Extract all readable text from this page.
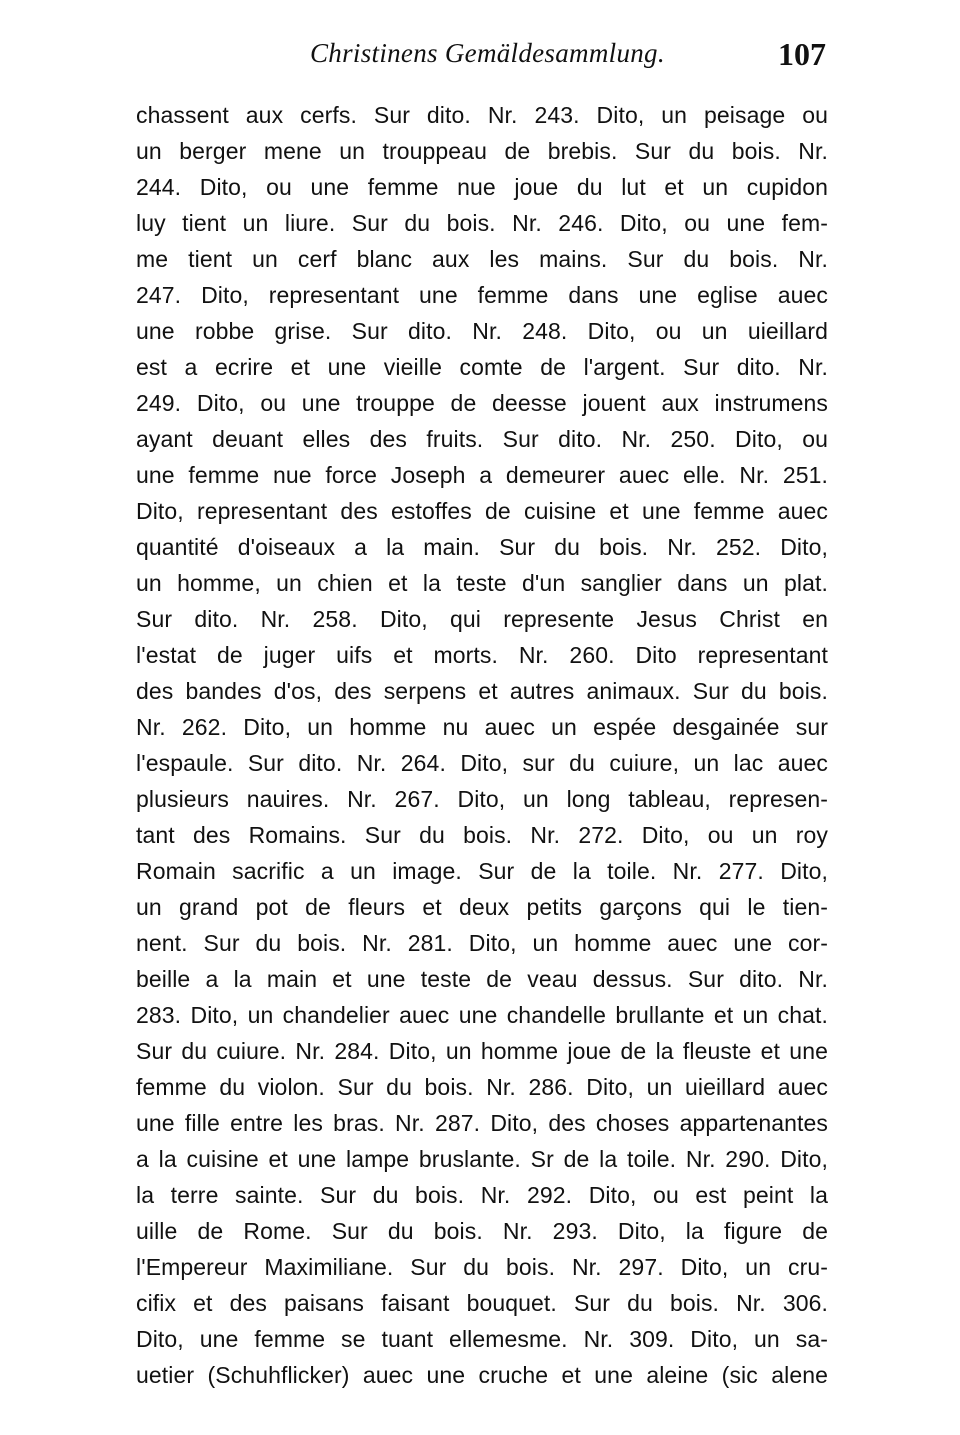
Christinens Gemäldesammlung.	107
chassent aux cerfs. Sur dito. Nr. 243. Dito, un peisage ou
un berger mene un trouppeau de brebis. Sur du bois. Nr.
244. Dito, ou une femme nue joue du lut et un cupidon
luy tient un liure. Sur du bois. Nr. 246. Dito, ou une fem-
me tient un cerf blanc aux les mains. Sur du bois. Nr.
247. Dito, representant une femme dans une eglise auec
une robbe grise. Sur dito. Nr. 248. Dito, ou un uieillard
est a ecrire et une vieille comte de l'argent. Sur dito. Nr.
249. Dito, ou une trouppe de deesse jouent aux instrumens
ayant deuant elles des fruits. Sur dito. Nr. 250. Dito, ou
une femme nue force Joseph a demeurer auec elle. Nr. 251.
Dito, representant des estoffes de cuisine et une femme auec
quantité d'oiseaux a la main. Sur du bois. Nr. 252. Dito,
un homme, un chien et la teste d'un sanglier dans un plat.
Sur dito. Nr. 258. Dito, qui represente Jesus Christ en
l'estat de juger uifs et morts. Nr. 260. Dito representant
des bandes d'os, des serpens et autres animaux. Sur du bois.
Nr. 262. Dito, un homme nu auec un espée desgainée sur
l'espaule. Sur dito. Nr. 264. Dito, sur du cuiure, un lac auec
plusieurs nauires. Nr. 267. Dito, un long tableau, represen-
tant des Romains. Sur du bois. Nr. 272. Dito, ou un roy
Romain sacrific a un image. Sur de la toile. Nr. 277. Dito,
un grand pot de fleurs et deux petits garçons qui le tien-
nent. Sur du bois. Nr. 281. Dito, un homme auec une cor-
beille a la main et une teste de veau dessus. Sur dito. Nr.
283. Dito, un chandelier auec une chandelle brullante et un chat.
Sur du cuiure. Nr. 284. Dito, un homme joue de la fleuste et une
femme du violon. Sur du bois. Nr. 286. Dito, un uieillard auec
une fille entre les bras. Nr. 287. Dito, des choses appartenantes
a la cuisine et une lampe bruslante. Sr de la toile. Nr. 290. Dito,
la terre sainte. Sur du bois. Nr. 292. Dito, ou est peint la
uille de Rome. Sur du bois. Nr. 293. Dito, la figure de
l'Empereur Maximiliane. Sur du bois. Nr. 297. Dito, un cru-
cifix et des paisans faisant bouquet. Sur du bois. Nr. 306.
Dito, une femme se tuant ellemesme. Nr. 309. Dito, un sa-
uetier (Schuhflicker) auec une cruche et une aleine (sic alene
